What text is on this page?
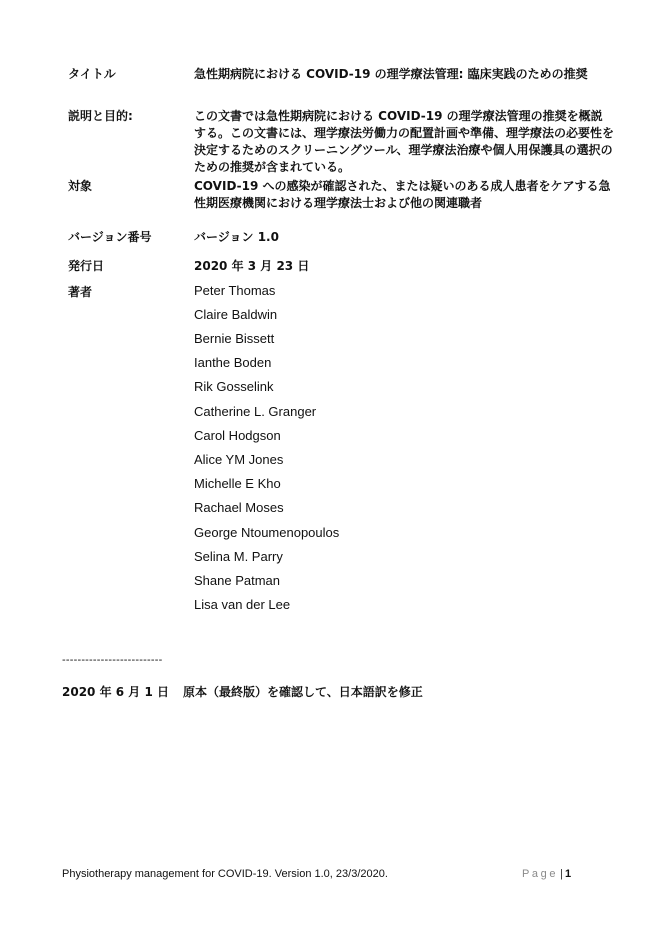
タイトル	急性期病院における COVID-19 の理学療法管理: 臨床実践のための推奨
説明と目的:	この文書では急性期病院における COVID-19 の理学療法管理の推奨を概説する。この文書には、理学療法労働力の配置計画や準備、理学療法の必要性を決定するためのスクリーニングツール、理学療法治療や個人用保護具の選択のための推奨が含まれている。
対象	COVID-19 への感染が確認された、または疑いのある成人患者をケアする急性期医療機関における理学療法士および他の関連職者
バージョン番号	バージョン 1.0
発行日	2020 年 3 月 23 日
著者	Peter Thomas
Claire Baldwin
Bernie Bissett
Ianthe Boden
Rik Gosselink
Catherine L. Granger
Carol Hodgson
Alice YM Jones
Michelle E Kho
Rachael Moses
George Ntoumenopoulos
Selina M. Parry
Shane Patman
Lisa van der Lee
--------------------------
2020 年 6 月 1 日 原本（最終版）を確認して、日本語訳を修正
Physiotherapy management for COVID-19. Version 1.0, 23/3/2020.	Page | 1
